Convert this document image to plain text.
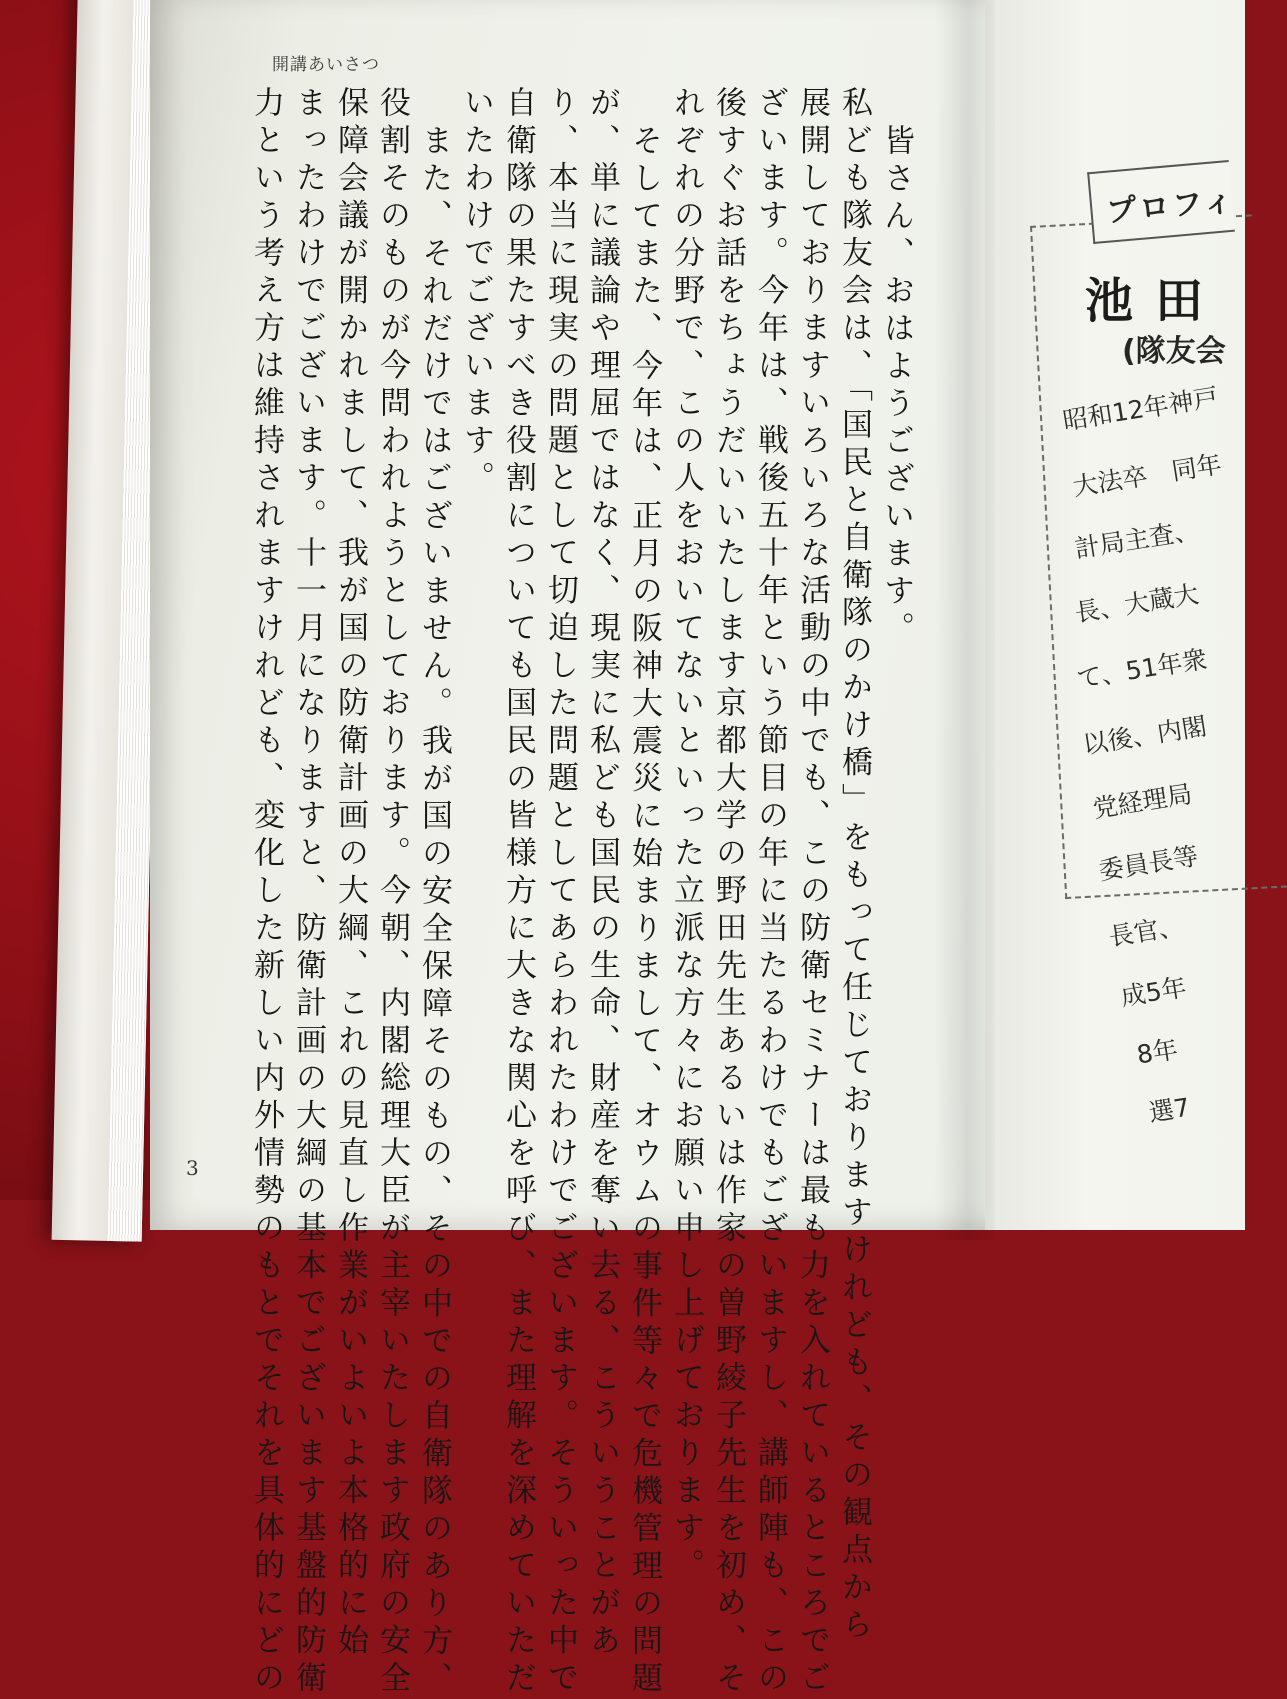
開講あいさつ
皆さん、おはようございます。
私ども隊友会は、「国民と自衛隊のかけ橋」をもって任じておりますけれども、その観点から
展開しておりますいろいろな活動の中でも、この防衛セミナーは最も力を入れているところでご
ざいます。今年は、戦後五十年という節目の年に当たるわけでもございますし、講師陣も、この
後すぐお話をちょうだいいたします京都大学の野田先生あるいは作家の曽野綾子先生を初め、そ
れぞれの分野で、この人をおいてないといった立派な方々にお願い申し上げております。
そしてまた、今年は、正月の阪神大震災に始まりまして、オウムの事件等々で危機管理の問題
が、単に議論や理屈ではなく、現実に私ども国民の生命、財産を奪い去る、こういうことがあ
り、本当に現実の問題として切迫した問題としてあらわれたわけでございます。そういった中で
自衛隊の果たすべき役割についても国民の皆様方に大きな関心を呼び、また理解を深めていただ
いたわけでございます。
また、それだけではございません。我が国の安全保障そのもの、その中での自衛隊のあり方、
役割そのものが今問われようとしております。今朝、内閣総理大臣が主宰いたします政府の安全
保障会議が開かれまして、我が国の防衛計画の大綱、これの見直し作業がいよいよ本格的に始
まったわけでございます。十一月になりますと、防衛計画の大綱の基本でございます基盤的防衛
力という考え方は維持されますけれども、変化した新しい内外情勢のもとでそれを具体的にどの
3
プロフィ
池田
(隊友会
昭和12年神戸
大法卒　同年
計局主査、
長、大蔵大
て、51年衆
以後、内閣
党経理局
委員長等
長官、
成5年
8年
選7
